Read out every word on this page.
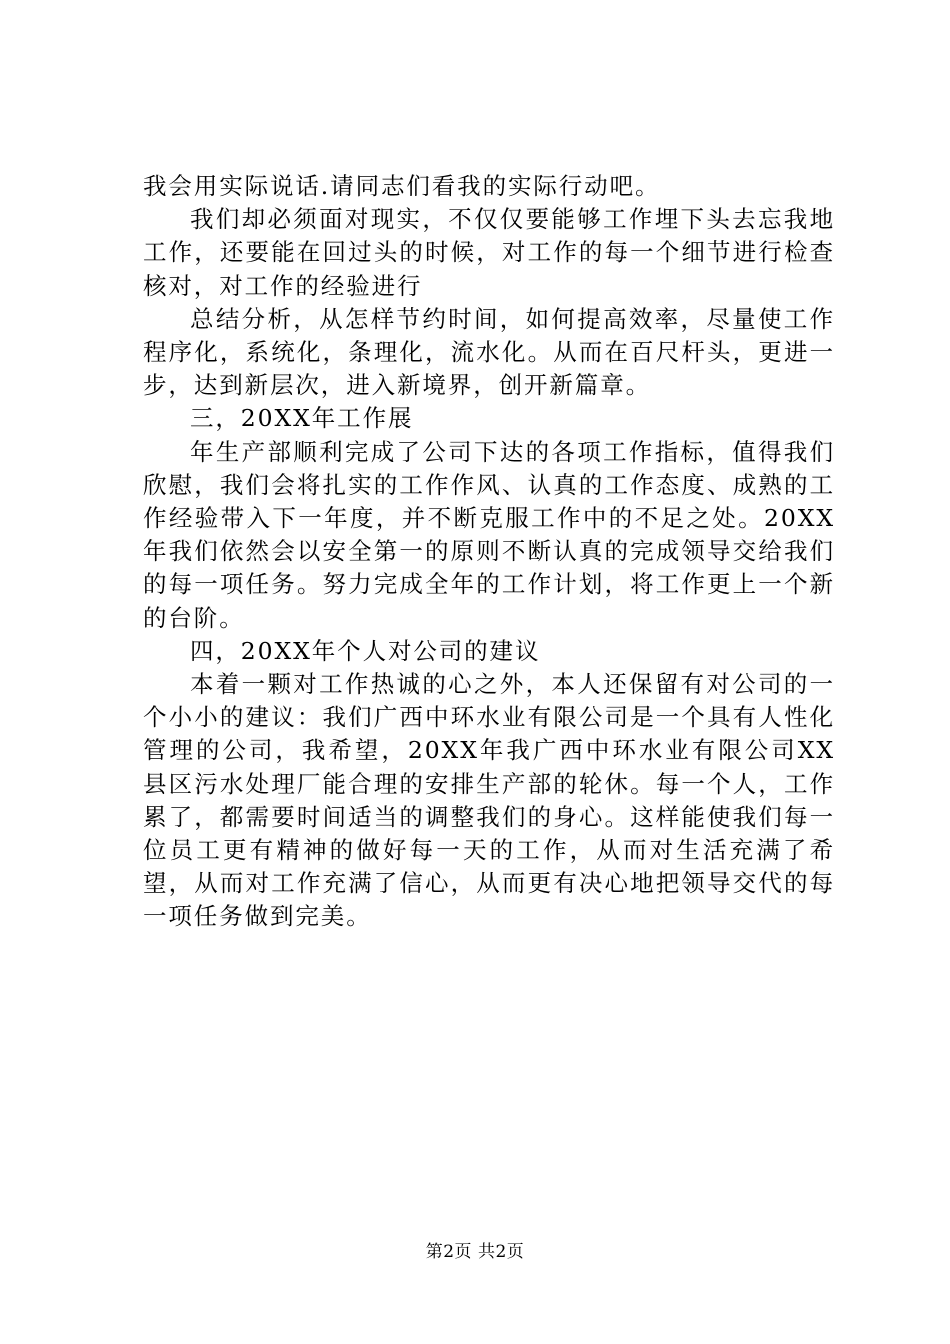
我会用实际说话.请同志们看我的实际行动吧。

我们却必须面对现实，不仅仅要能够工作埋下头去忘我地工作，还要能在回过头的时候，对工作的每一个细节进行检查核对，对工作的经验进行

总结分析，从怎样节约时间，如何提高效率，尽量使工作程序化，系统化，条理化，流水化。从而在百尺杆头，更进一步，达到新层次，进入新境界，创开新篇章。

三，20XX年工作展

年生产部顺利完成了公司下达的各项工作指标，值得我们欣慰，我们会将扎实的工作作风、认真的工作态度、成熟的工作经验带入下一年度，并不断克服工作中的不足之处。20XX年我们依然会以安全第一的原则不断认真的完成领导交给我们的每一项任务。努力完成全年的工作计划，将工作更上一个新的台阶。

四，20XX年个人对公司的建议

本着一颗对工作热诚的心之外，本人还保留有对公司的一个小小的建议：我们广西中环水业有限公司是一个具有人性化管理的公司，我希望，20XX年我广西中环水业有限公司XX县区污水处理厂能合理的安排生产部的轮休。每一个人，工作累了，都需要时间适当的调整我们的身心。这样能使我们每一位员工更有精神的做好每一天的工作，从而对生活充满了希望，从而对工作充满了信心，从而更有决心地把领导交代的每一项任务做到完美。

第2页 共2页
